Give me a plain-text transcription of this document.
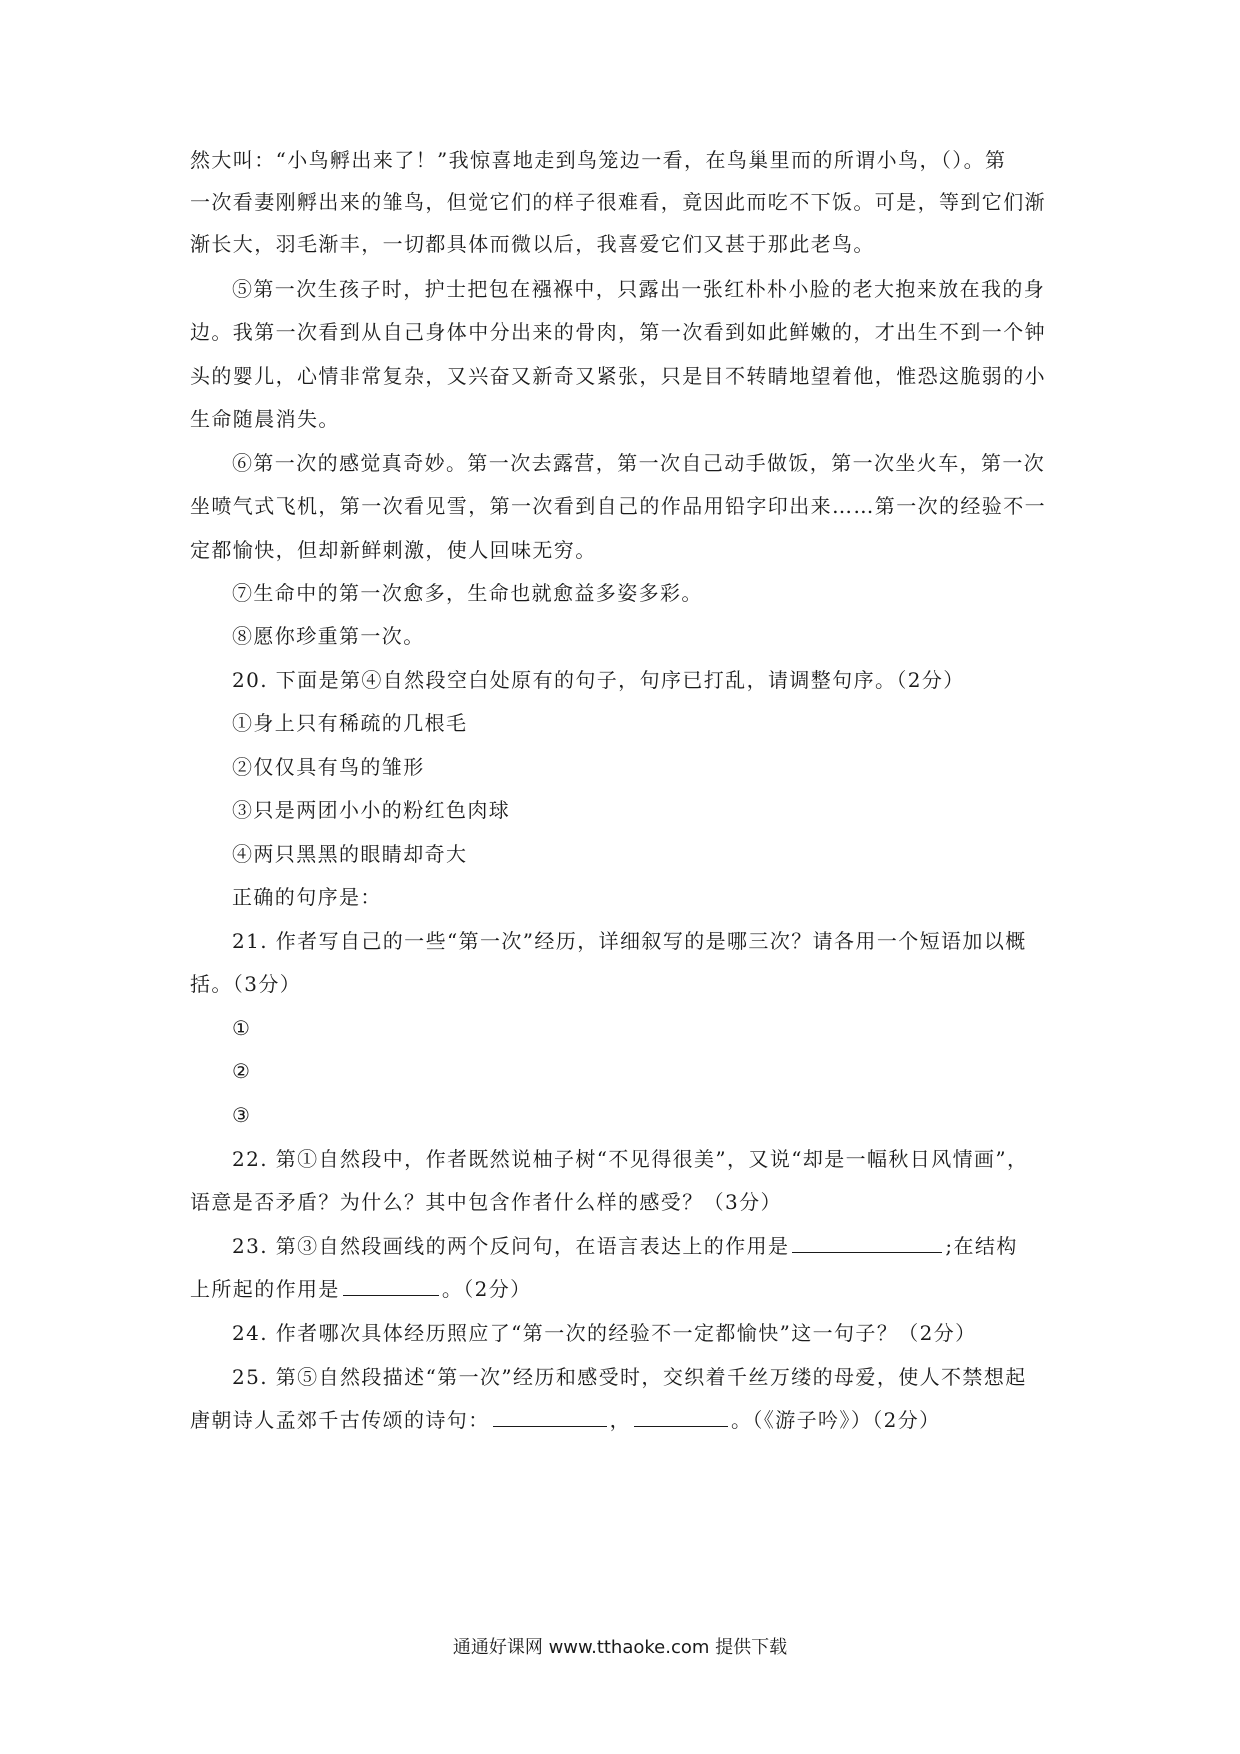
然大叫：“小鸟孵出来了！”我惊喜地走到鸟笼边一看，在鸟巢里而的所谓小鸟，（）。第
一次看妻刚孵出来的雏鸟，但觉它们的样子很难看，竟因此而吃不下饭。可是，等到它们渐
渐长大，羽毛渐丰，一切都具体而微以后，我喜爱它们又甚于那此老鸟。
⑤第一次生孩子时，护士把包在襁褓中，只露出一张红朴朴小脸的老大抱来放在我的身
边。我第一次看到从自己身体中分出来的骨肉，第一次看到如此鲜嫩的，才出生不到一个钟
头的婴儿，心情非常复杂，又兴奋又新奇又紧张，只是目不转睛地望着他，惟恐这脆弱的小
生命随晨消失。
⑥第一次的感觉真奇妙。第一次去露营，第一次自己动手做饭，第一次坐火车，第一次
坐喷气式飞机，第一次看见雪，第一次看到自己的作品用铅字印出来……第一次的经验不一
定都愉快，但却新鲜刺激，使人回味无穷。
⑦生命中的第一次愈多，生命也就愈益多姿多彩。
⑧愿你珍重第一次。
20. 下面是第④自然段空白处原有的句子，句序已打乱，请调整句序。（2分）
①身上只有稀疏的几根毛
②仅仅具有鸟的雏形
③只是两团小小的粉红色肉球
④两只黑黑的眼睛却奇大
正确的句序是：
21. 作者写自己的一些“第一次”经历，详细叙写的是哪三次？请各用一个短语加以概
括。（3分）
①
②
③
22. 第①自然段中，作者既然说柚子树“不见得很美”，又说“却是一幅秋日风情画”，
语意是否矛盾？为什么？其中包含作者什么样的感受？（3分）
23. 第③自然段画线的两个反问句，在语言表达上的作用是	;在结构
上所起的作用是	。（2分）
24. 作者哪次具体经历照应了“第一次的经验不一定都愉快”这一句子？（2分）
25. 第⑤自然段描述“第一次”经历和感受时，交织着千丝万缕的母爱，使人不禁想起
唐朝诗人孟郊千古传颂的诗句：	，	。（《游子吟》）（2分）
通通好课网 www.tthaoke.com 提供下载
